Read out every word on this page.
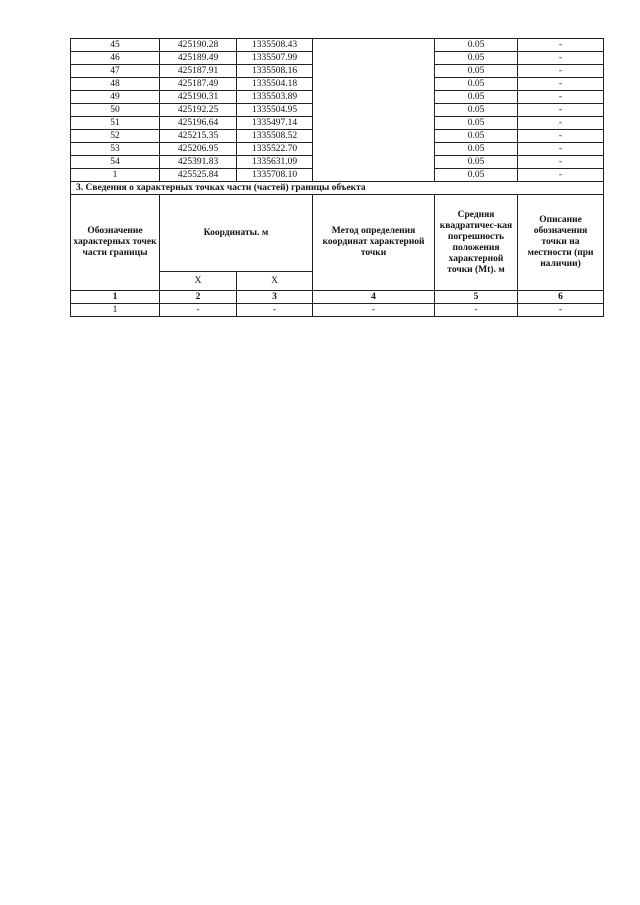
45	425190.28	1335508.43		0.05	-
46	425189.49	1335507.99		0.05	-
47	425187.91	1335508.16		0.05	-
48	425187.49	1335504.18		0.05	-
49	425190.31	1335503.89		0.05	-
50	425192.25	1335504.95		0.05	-
51	425196.64	1335497.14		0.05	-
52	425215.35	1335508.52		0.05	-
53	425206.95	1335522.70		0.05	-
54	425391.83	1335631.09		0.05	-
1	425525.84	1335708.10		0.05	-
3. Сведения о характерных точках части (частей) границы объекта					
Обозначение характерных точек части границы	Координаты. м		Метод определения координат характерной точки	Средняя квадратичес-кая погрешность положения характерной точки (Mt). м	Описание обозначения точки на местности (при наличии)
	X	X			
1	2	3	4	5	6
1	-	-	-	-	-
